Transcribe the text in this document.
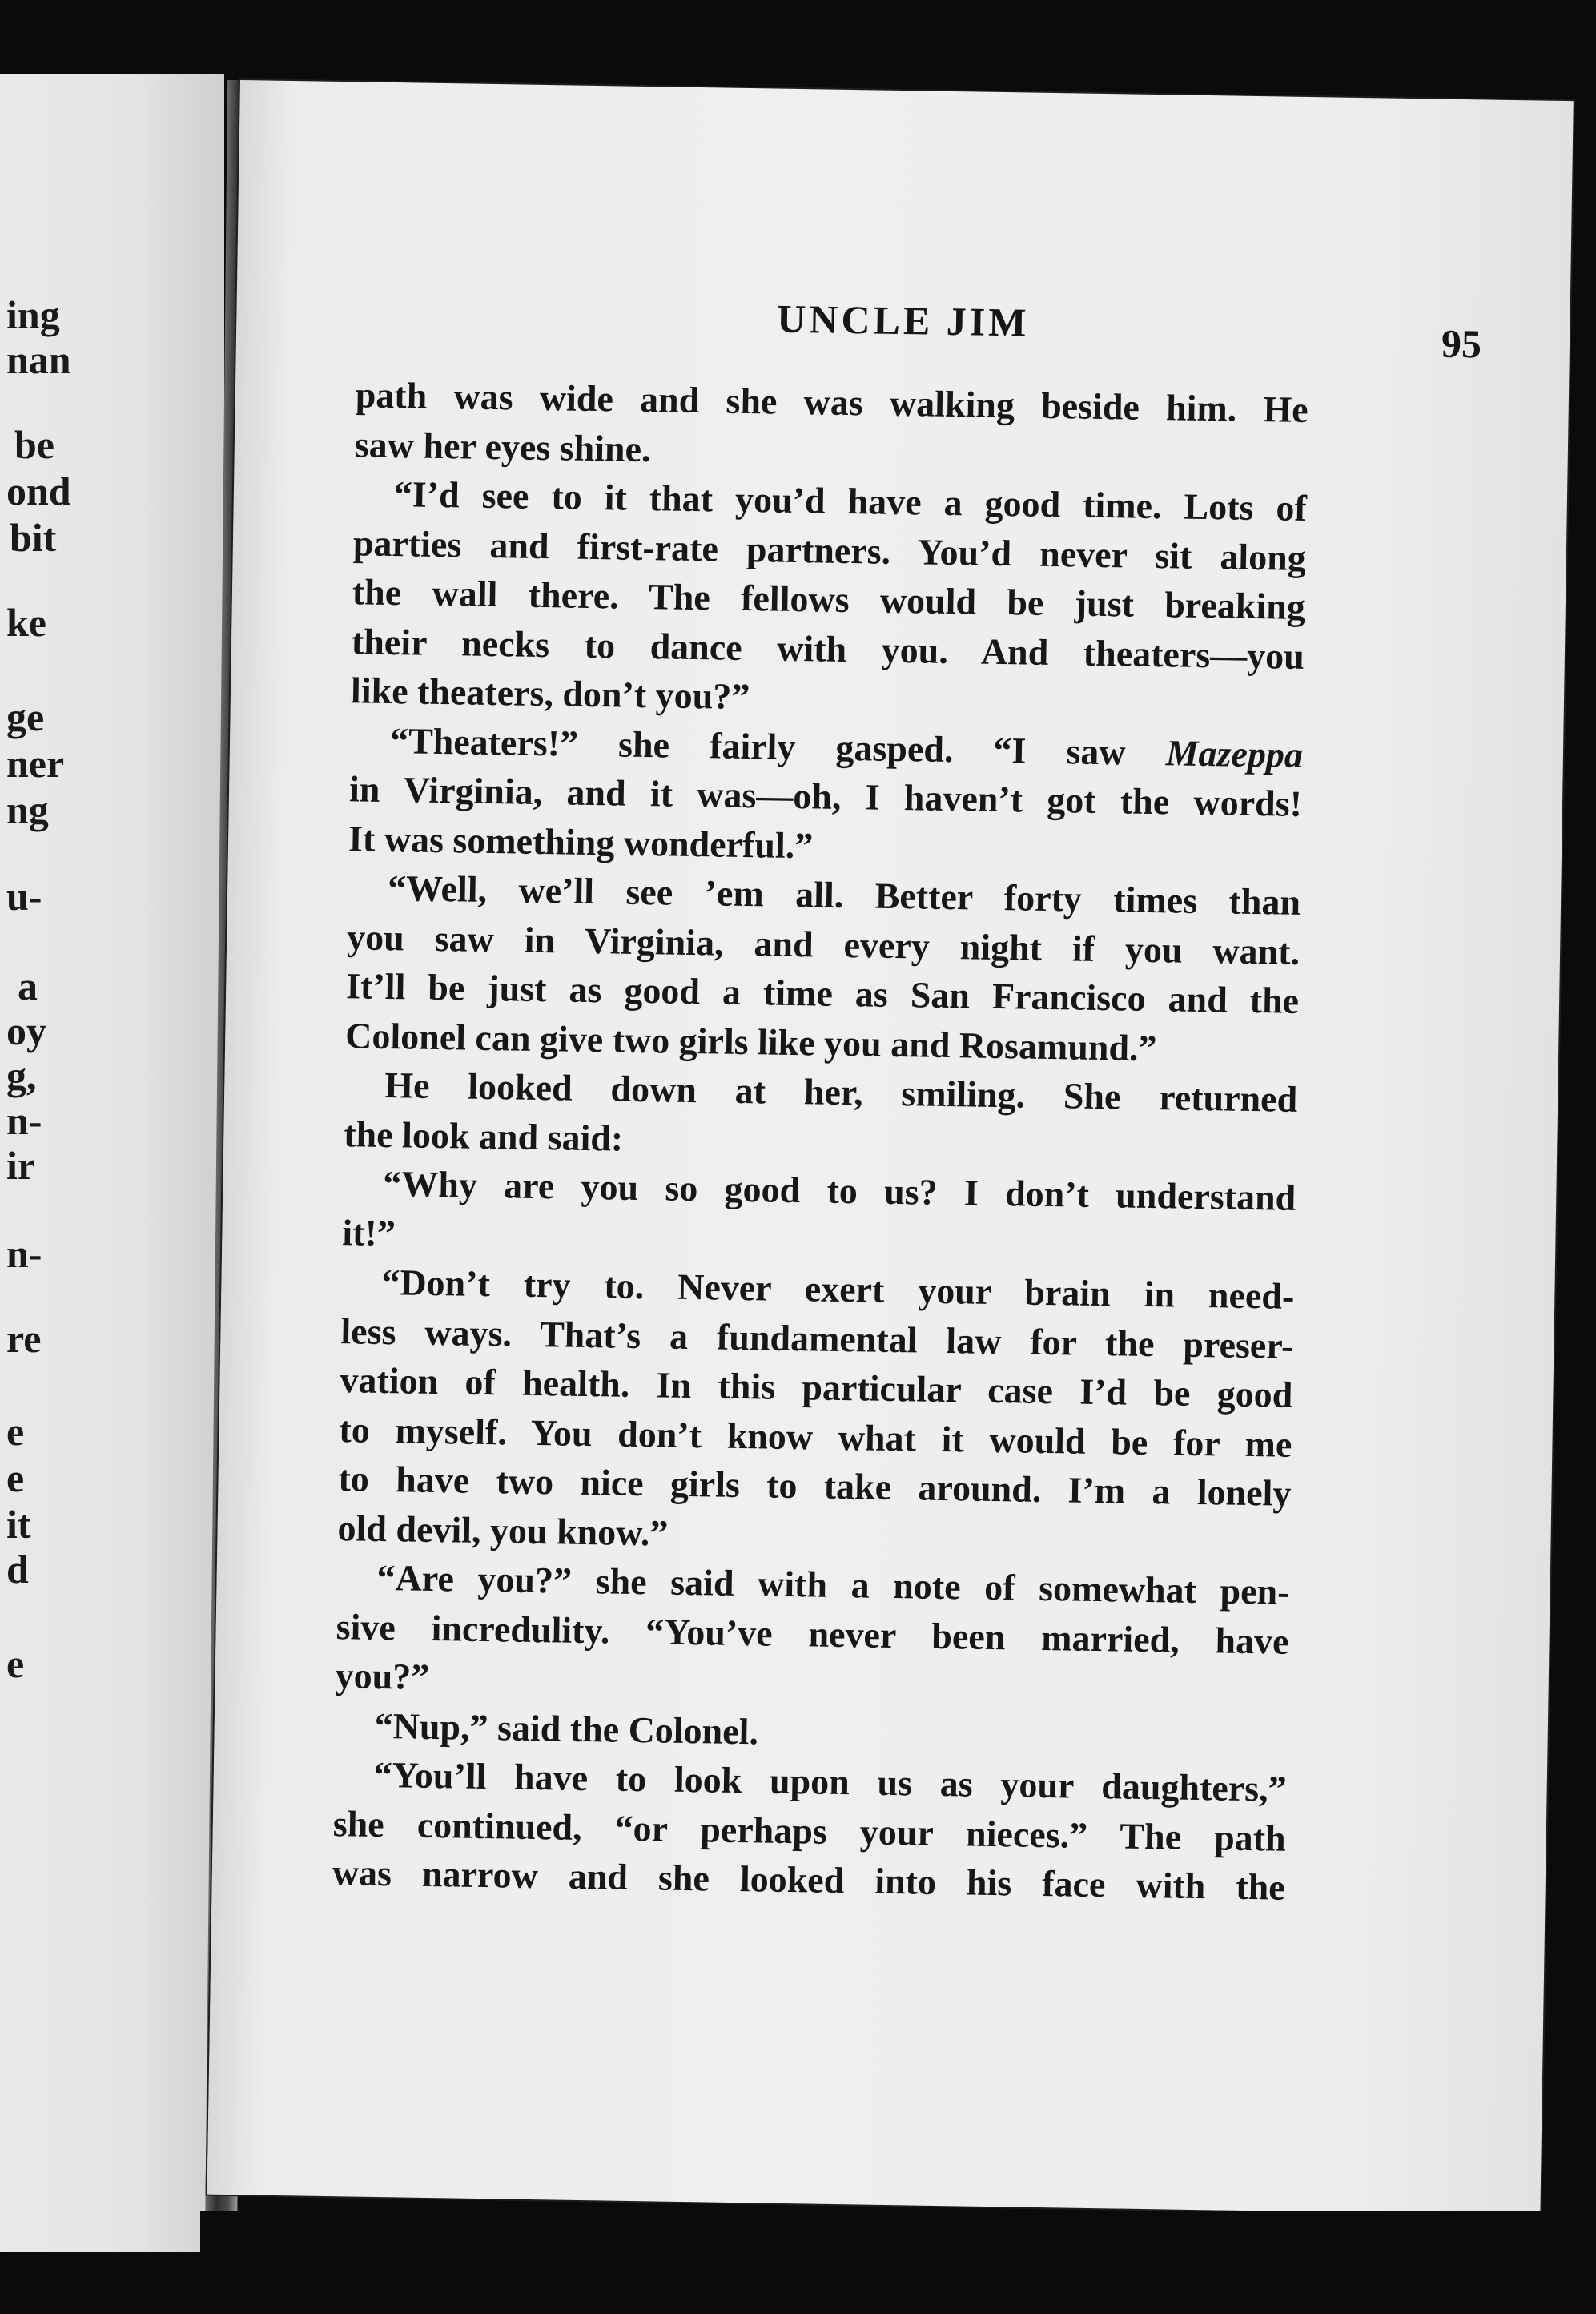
ing
nan
be
ond
bit
ke
ge
ner
ng
u-
a
oy
g,
n-
ir
n-
re
e
e
it
d
e
UNCLE JIM	95
path was wide and she was walking beside him. He
saw her eyes shine.
“I’d see to it that you’d have a good time. Lots of
parties and first-rate partners. You’d never sit along
the wall there. The fellows would be just breaking
their necks to dance with you. And theaters—you
like theaters, don’t you?”
“Theaters!” she fairly gasped. “I saw Mazeppa
in Virginia, and it was—oh, I haven’t got the words!
It was something wonderful.”
“Well, we’ll see ’em all. Better forty times than
you saw in Virginia, and every night if you want.
It’ll be just as good a time as San Francisco and the
Colonel can give two girls like you and Rosamund.”
He looked down at her, smiling. She returned
the look and said:
“Why are you so good to us? I don’t understand
it!”
“Don’t try to. Never exert your brain in need-
less ways. That’s a fundamental law for the preser-
vation of health. In this particular case I’d be good
to myself. You don’t know what it would be for me
to have two nice girls to take around. I’m a lonely
old devil, you know.”
“Are you?” she said with a note of somewhat pen-
sive incredulity. “You’ve never been married, have
you?”
“Nup,” said the Colonel.
“You’ll have to look upon us as your daughters,”
she continued, “or perhaps your nieces.” The path
was narrow and she looked into his face with the
